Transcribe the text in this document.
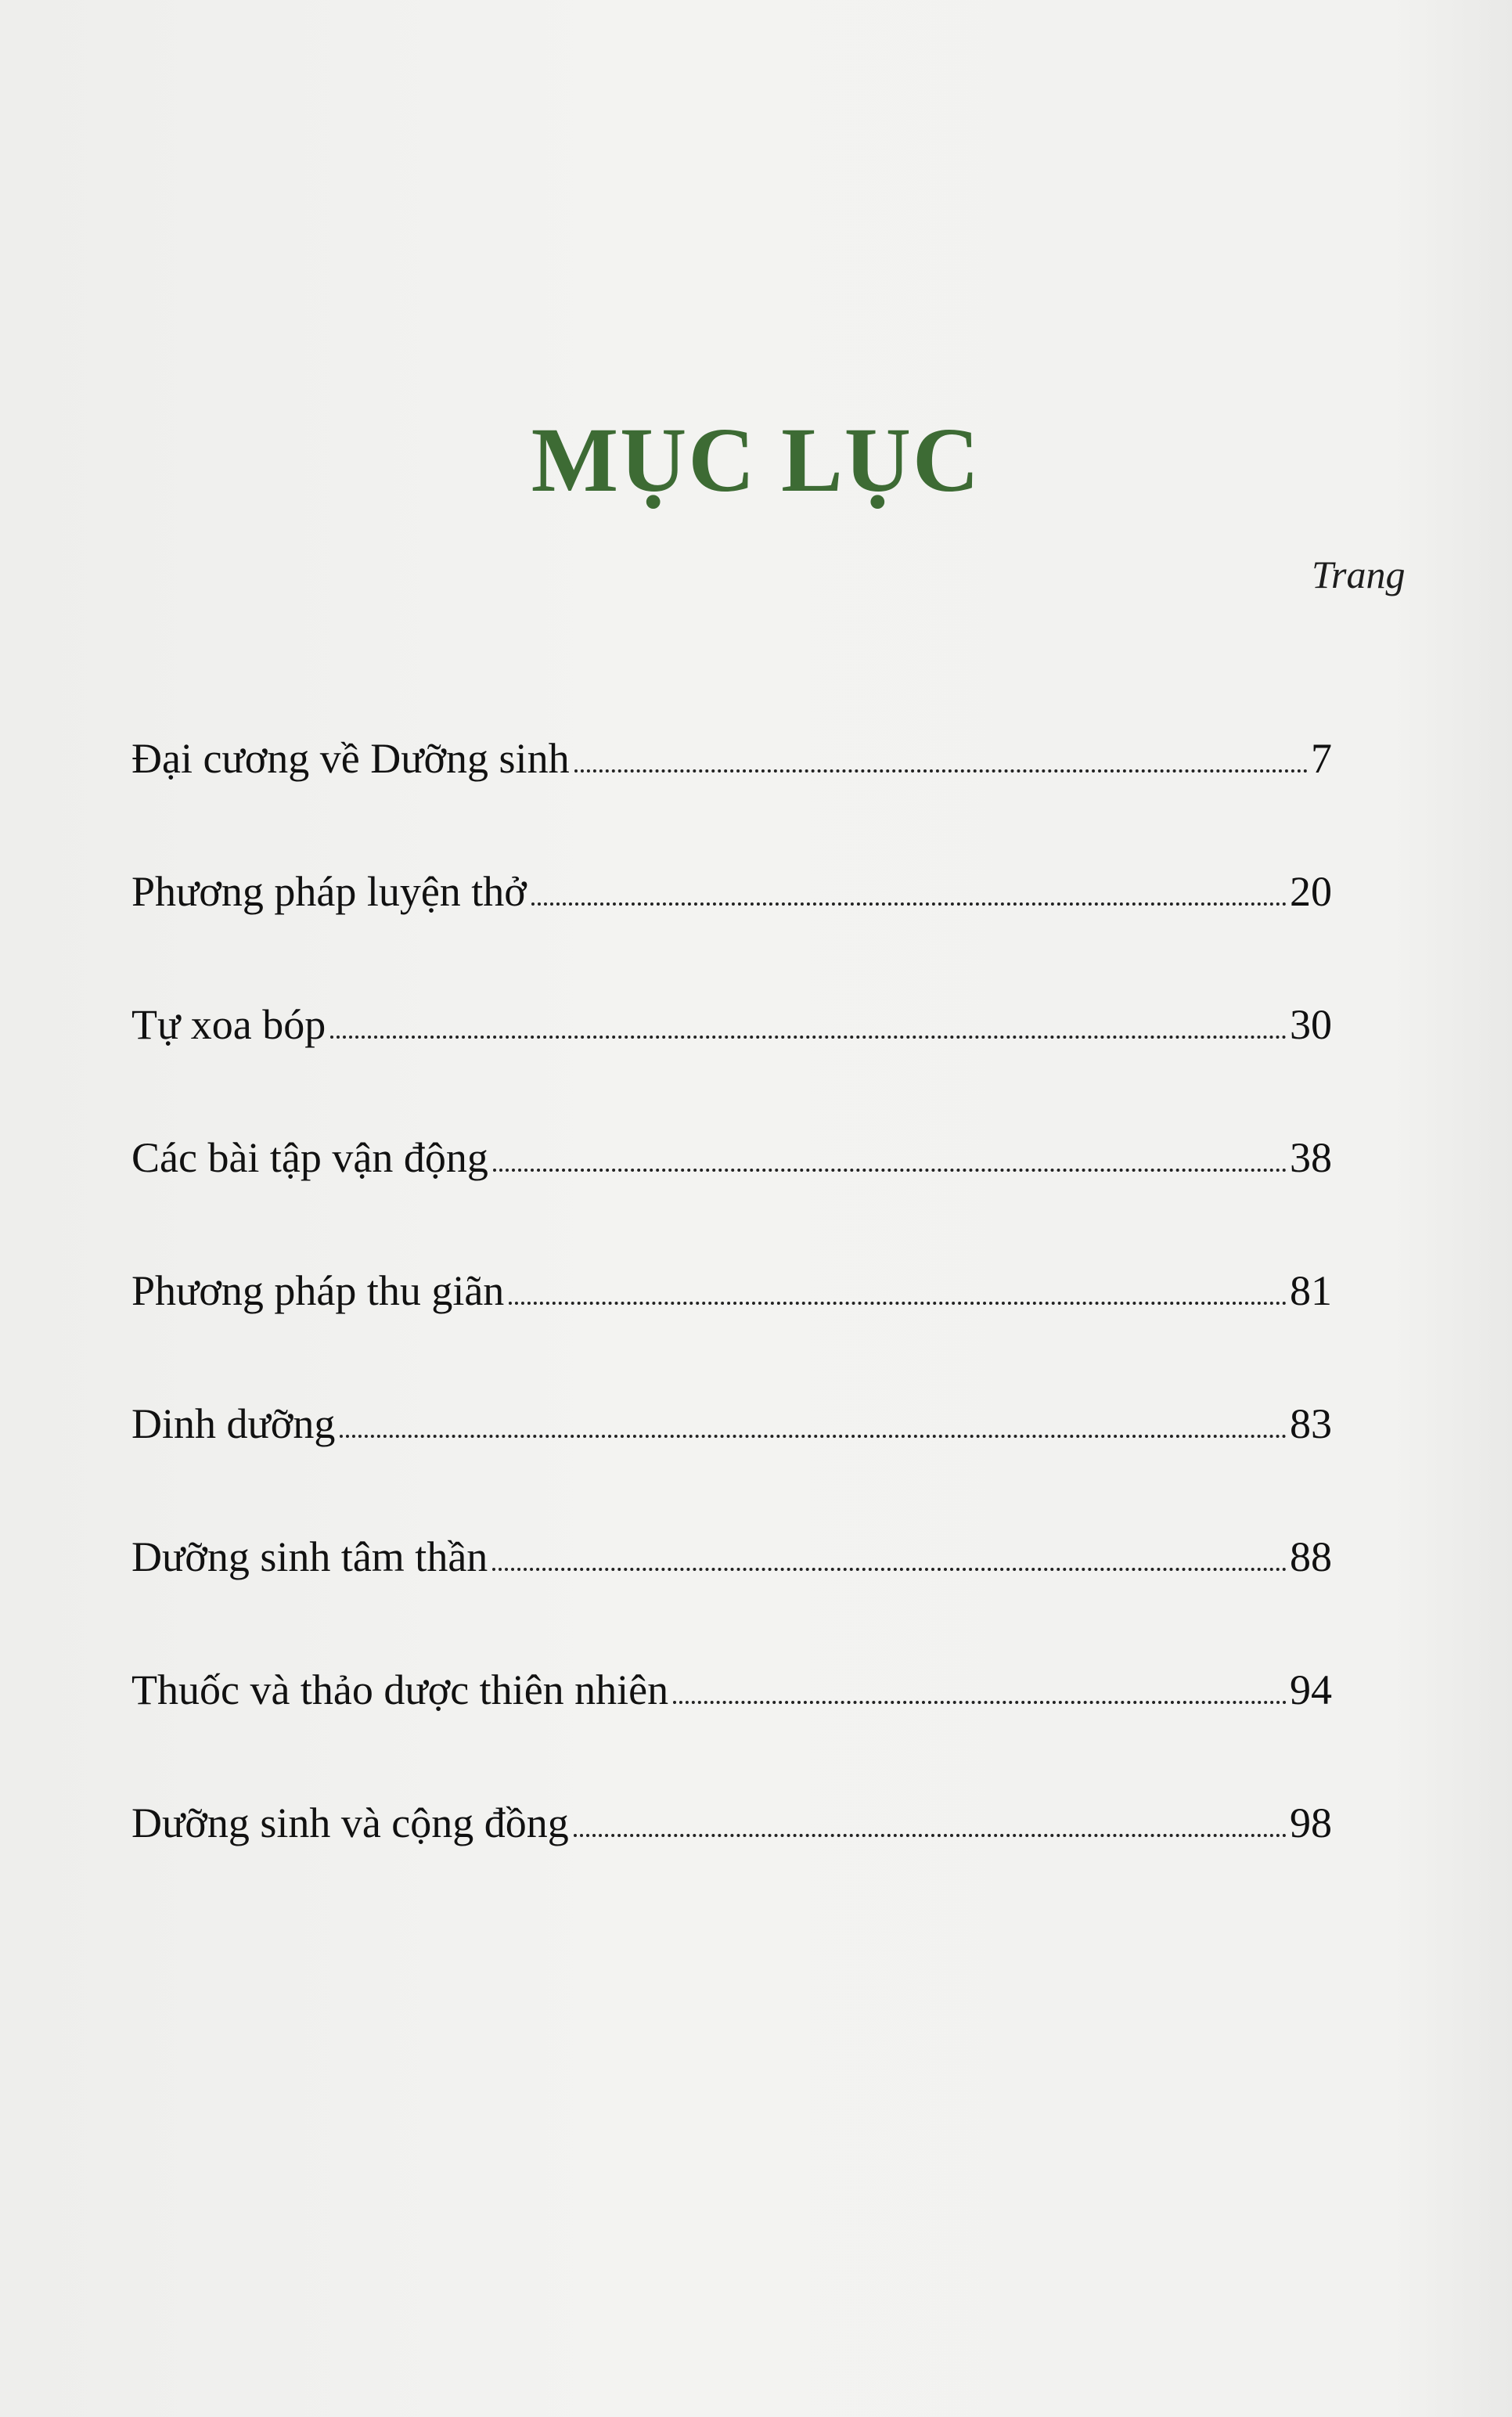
MỤC LỤC
Trang
Đại cương về Dưỡng sinh	7
Phương pháp luyện thở	20
Tự xoa bóp	30
Các bài tập vận động	38
Phương pháp thu giãn	81
Dinh dưỡng	83
Dưỡng sinh tâm thần	88
Thuốc và thảo dược thiên nhiên	94
Dưỡng sinh và cộng đồng	98
